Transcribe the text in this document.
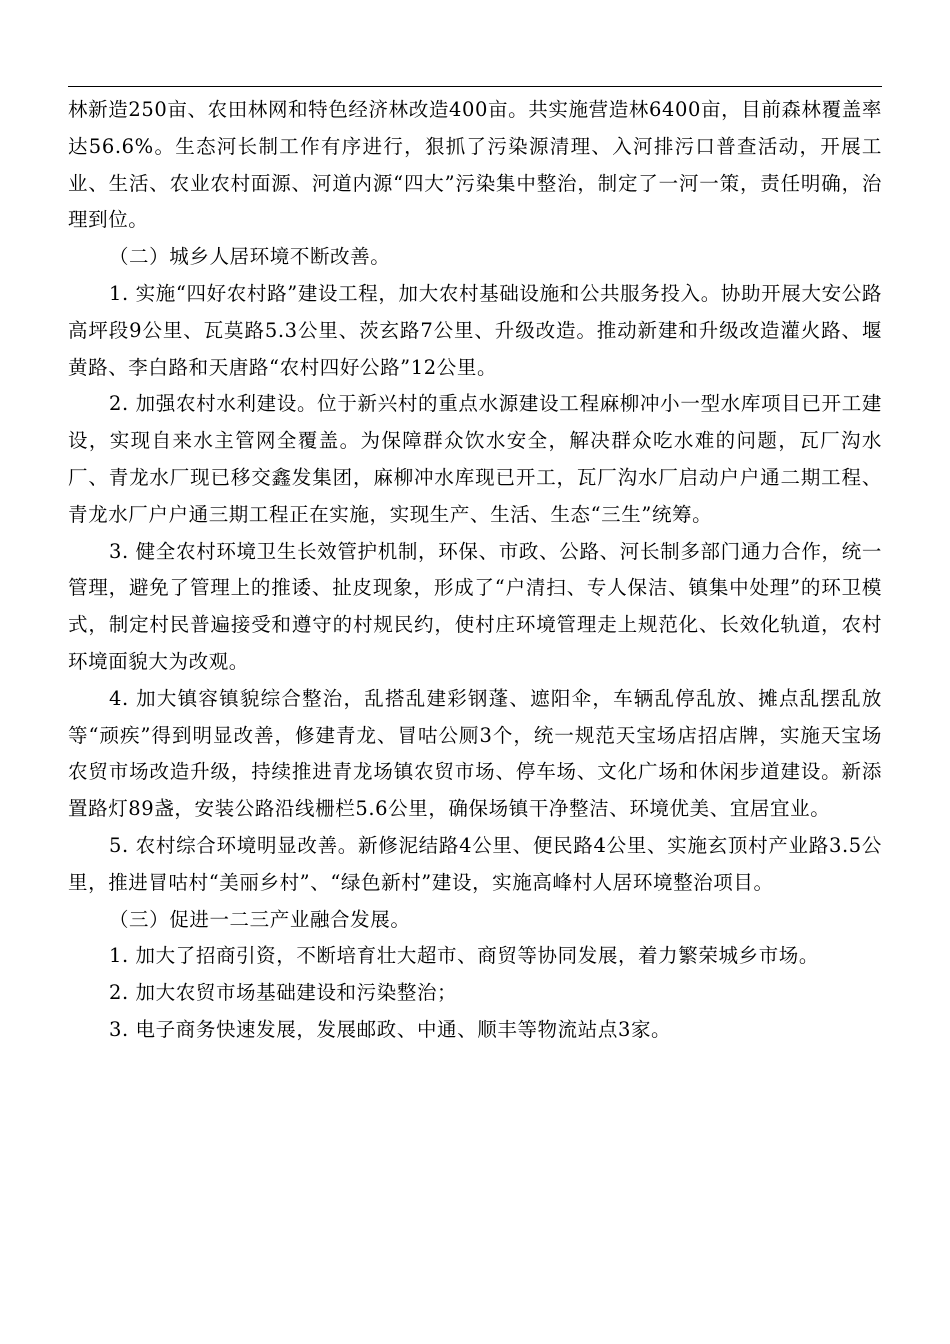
林新造250亩、农田林网和特色经济林改造400亩。共实施营造林6400亩，目前森林覆盖率达56.6%。生态河长制工作有序进行，狠抓了污染源清理、入河排污口普查活动，开展工业、生活、农业农村面源、河道内源“四大”污染集中整治，制定了一河一策，责任明确，治理到位。

（二）城乡人居环境不断改善。

1. 实施“四好农村路”建设工程，加大农村基础设施和公共服务投入。协助开展大安公路高坪段9公里、瓦莫路5.3公里、茨玄路7公里、升级改造。推动新建和升级改造灌火路、堰黄路、李白路和天唐路“农村四好公路”12公里。

2. 加强农村水利建设。位于新兴村的重点水源建设工程麻柳冲小一型水库项目已开工建设，实现自来水主管网全覆盖。为保障群众饮水安全，解决群众吃水难的问题，瓦厂沟水厂、青龙水厂现已移交鑫发集团，麻柳冲水库现已开工，瓦厂沟水厂启动户户通二期工程、青龙水厂户户通三期工程正在实施，实现生产、生活、生态“三生”统筹。

3. 健全农村环境卫生长效管护机制，环保、市政、公路、河长制多部门通力合作，统一管理，避免了管理上的推诿、扯皮现象，形成了“户清扫、专人保洁、镇集中处理”的环卫模式，制定村民普遍接受和遵守的村规民约，使村庄环境管理走上规范化、长效化轨道，农村环境面貌大为改观。

4. 加大镇容镇貌综合整治，乱搭乱建彩钢蓬、遮阳伞，车辆乱停乱放、摊点乱摆乱放等“顽疾”得到明显改善，修建青龙、冒咕公厕3个，统一规范天宝场店招店牌，实施天宝场农贸市场改造升级，持续推进青龙场镇农贸市场、停车场、文化广场和休闲步道建设。新添置路灯89盏，安装公路沿线栅栏5.6公里，确保场镇干净整洁、环境优美、宜居宜业。

5. 农村综合环境明显改善。新修泥结路4公里、便民路4公里、实施玄顶村产业路3.5公里，推进冒咕村“美丽乡村”、“绿色新村”建设，实施高峰村人居环境整治项目。

（三）促进一二三产业融合发展。

1. 加大了招商引资，不断培育壮大超市、商贸等协同发展，着力繁荣城乡市场。

2. 加大农贸市场基础建设和污染整治；

3. 电子商务快速发展，发展邮政、中通、顺丰等物流站点3家。
